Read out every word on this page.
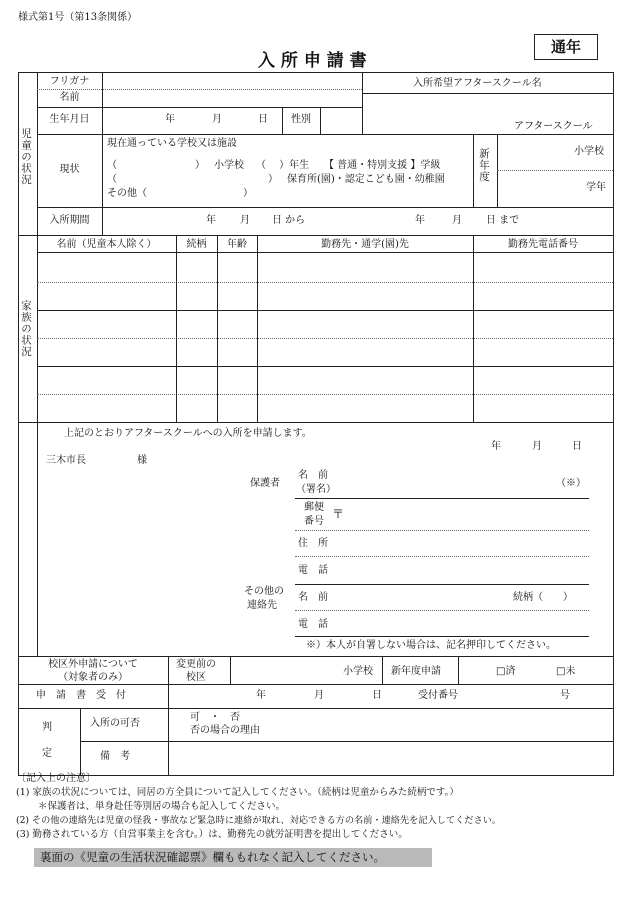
様式第1号（第13条関係）
通年
入 所 申 請 書
児童の状況
フリガナ
名前
入所希望アフタースクール名
生年月日	年	月	日	性別
アフタースクール
現状
現在通っている学校又は施設
（	） 小学校 （　 ）年生 【 普通・特別支援 】学級
（	） 保育所(園)・認定こども園・幼稚園
その他（	）
新年度	小学校
学年
入所期間	年 月 日 から	年	月 日 まで
家族の状況
名前（児童本人除く）	続柄	年齢	勤務先・通学(園)先	勤務先電話番号
上記のとおりアフタースクールへの入所を申請します。
年	月	日
三木市長	様
保護者
名　前
（署名）
（※）
郵便
番号
〒
住　所
電　話
その他の
連絡先
名　前	続柄（　　）
電　話
※）本人が自署しない場合は、記名押印してください。
校区外申請について
（対象者のみ）
変更前の
校区
小学校 新年度申請	□済	□未
申　請　書　受　付	年	月	日	受付番号	号
判
定
入所の可否
可　・　否
否の場合の理由
備　考
〔記入上の注意〕
(1) 家族の状況については、同居の方全員について記入してください。（続柄は児童からみた続柄です。）
＊保護者は、単身赴任等別居の場合も記入してください。
(2) その他の連絡先は児童の怪我・事故など緊急時に連絡が取れ、対応できる方の名前・連絡先を記入してください。
(3) 勤務されている方（自営事業主を含む。）は、勤務先の就労証明書を提出してください。
裏面の《児童の生活状況確認票》欄ももれなく記入してください。
